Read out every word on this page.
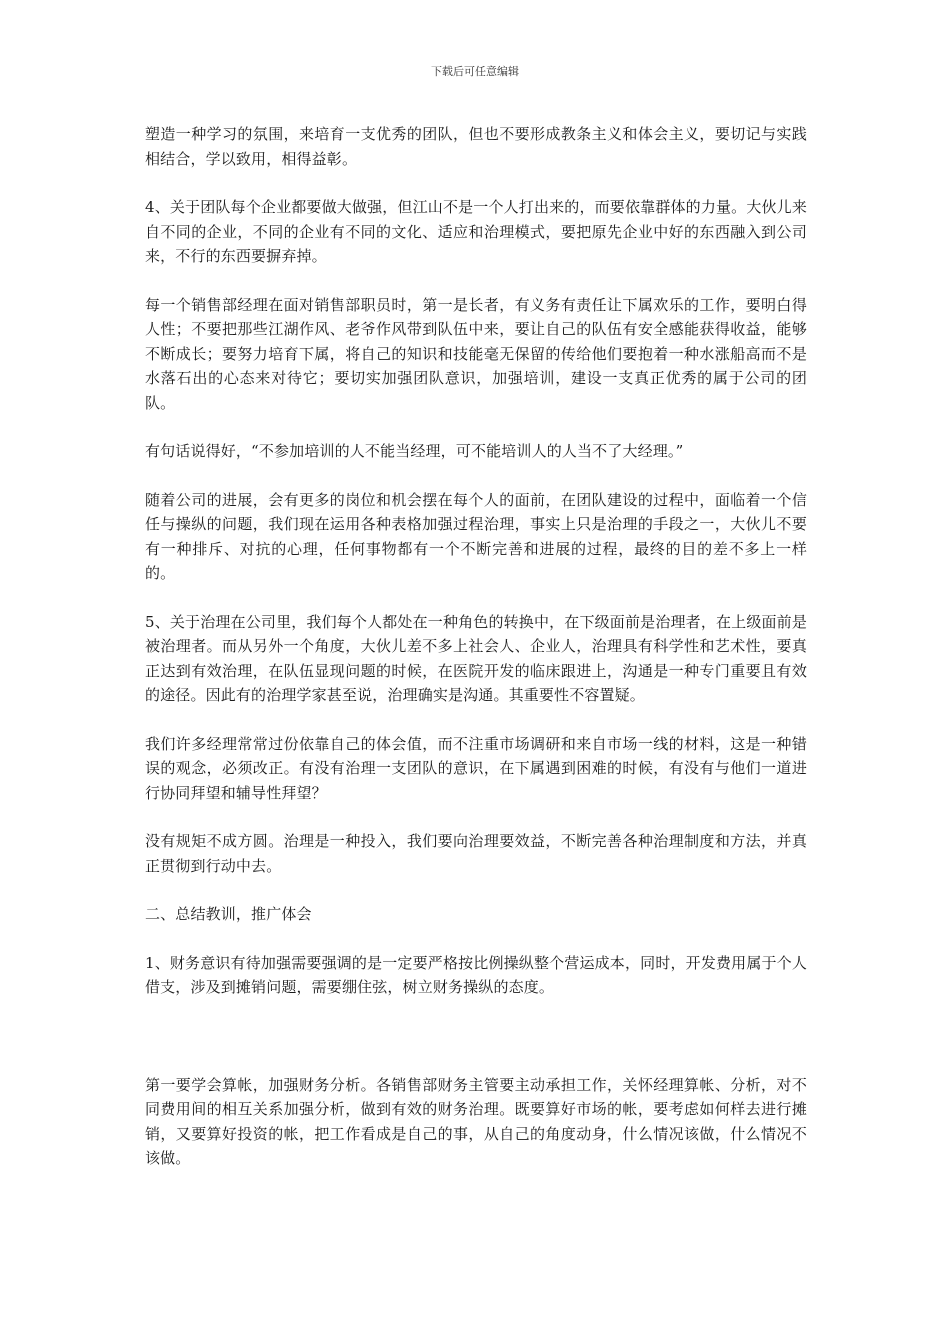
下载后可任意编辑

塑造一种学习的氛围，来培育一支优秀的团队，但也不要形成教条主义和体会主义，要切记与实践相结合，学以致用，相得益彰。

4、关于团队每个企业都要做大做强，但江山不是一个人打出来的，而要依靠群体的力量。大伙儿来自不同的企业，不同的企业有不同的文化、适应和治理模式，要把原先企业中好的东西融入到公司来，不行的东西要摒弃掉。

每一个销售部经理在面对销售部职员时，第一是长者，有义务有责任让下属欢乐的工作，要明白得人性；不要把那些江湖作风、老爷作风带到队伍中来，要让自己的队伍有安全感能获得收益，能够不断成长；要努力培育下属，将自己的知识和技能毫无保留的传给他们要抱着一种水涨船高而不是水落石出的心态来对待它；要切实加强团队意识，加强培训，建设一支真正优秀的属于公司的团队。

有句话说得好，“不参加培训的人不能当经理，可不能培训人的人当不了大经理。”

随着公司的进展，会有更多的岗位和机会摆在每个人的面前，在团队建设的过程中，面临着一个信任与操纵的问题，我们现在运用各种表格加强过程治理，事实上只是治理的手段之一，大伙儿不要有一种排斥、对抗的心理，任何事物都有一个不断完善和进展的过程，最终的目的差不多上一样的。

5、关于治理在公司里，我们每个人都处在一种角色的转换中，在下级面前是治理者，在上级面前是被治理者。而从另外一个角度，大伙儿差不多上社会人、企业人，治理具有科学性和艺术性，要真正达到有效治理，在队伍显现问题的时候，在医院开发的临床跟进上，沟通是一种专门重要且有效的途径。因此有的治理学家甚至说，治理确实是沟通。其重要性不容置疑。

我们许多经理常常过份依靠自己的体会值，而不注重市场调研和来自市场一线的材料，这是一种错误的观念，必须改正。有没有治理一支团队的意识，在下属遇到困难的时候，有没有与他们一道进行协同拜望和辅导性拜望？

没有规矩不成方圆。治理是一种投入，我们要向治理要效益，不断完善各种治理制度和方法，并真正贯彻到行动中去。

二、总结教训，推广体会

1、财务意识有待加强需要强调的是一定要严格按比例操纵整个营运成本，同时，开发费用属于个人借支，涉及到摊销问题，需要绷住弦，树立财务操纵的态度。

第一要学会算帐，加强财务分析。各销售部财务主管要主动承担工作，关怀经理算帐、分析，对不同费用间的相互关系加强分析，做到有效的财务治理。既要算好市场的帐，要考虑如何样去进行摊销，又要算好投资的帐，把工作看成是自己的事，从自己的角度动身，什么情况该做，什么情况不该做。
